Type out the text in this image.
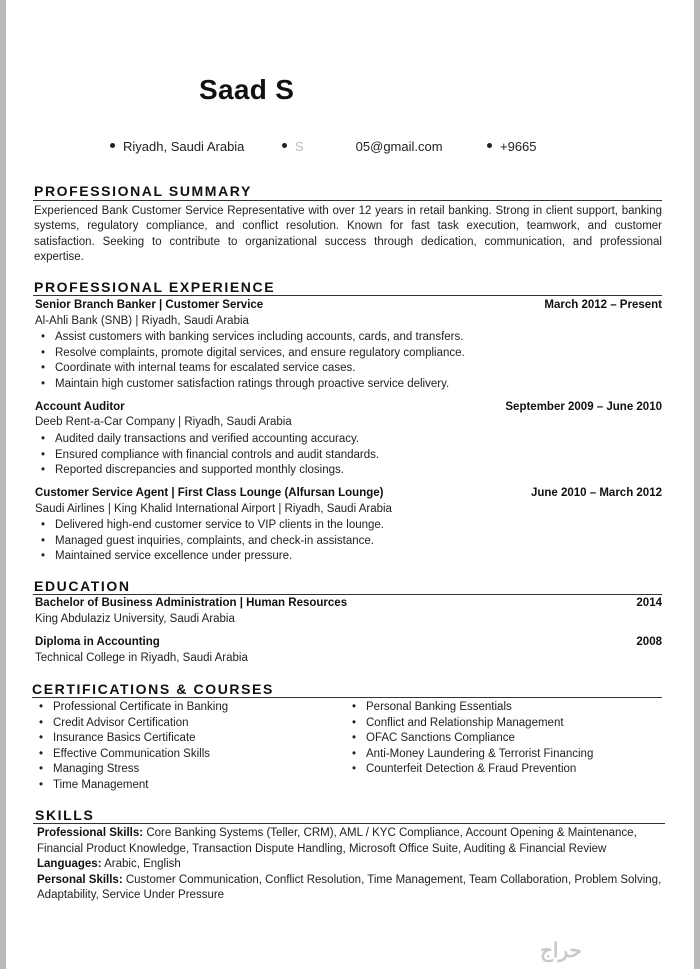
Saad S
Riyadh, Saudi Arabia	S	05@gmail.com	+9665
PROFESSIONAL SUMMARY
Experienced Bank Customer Service Representative with over 12 years in retail banking. Strong in client support, banking systems, regulatory compliance, and conflict resolution. Known for fast task execution, teamwork, and customer satisfaction. Seeking to contribute to organizational success through dedication, communication, and professional expertise.
PROFESSIONAL EXPERIENCE
Senior Branch Banker | Customer Service	March 2012 – Present
Al-Ahli Bank (SNB) | Riyadh, Saudi Arabia
• Assist customers with banking services including accounts, cards, and transfers.
• Resolve complaints, promote digital services, and ensure regulatory compliance.
• Coordinate with internal teams for escalated service cases.
• Maintain high customer satisfaction ratings through proactive service delivery.
Account Auditor	September 2009 – June 2010
Deeb Rent-a-Car Company | Riyadh, Saudi Arabia
• Audited daily transactions and verified accounting accuracy.
• Ensured compliance with financial controls and audit standards.
• Reported discrepancies and supported monthly closings.
Customer Service Agent | First Class Lounge (Alfursan Lounge)	June 2010 – March 2012
Saudi Airlines | King Khalid International Airport | Riyadh, Saudi Arabia
• Delivered high-end customer service to VIP clients in the lounge.
• Managed guest inquiries, complaints, and check-in assistance.
• Maintained service excellence under pressure.
EDUCATION
Bachelor of Business Administration | Human Resources	2014
King Abdulaziz University, Saudi Arabia
Diploma in Accounting	2008
Technical College in Riyadh, Saudi Arabia
CERTIFICATIONS & COURSES
• Professional Certificate in Banking
• Credit Advisor Certification
• Insurance Basics Certificate
• Effective Communication Skills
• Managing Stress
• Time Management
• Personal Banking Essentials
• Conflict and Relationship Management
• OFAC Sanctions Compliance
• Anti-Money Laundering & Terrorist Financing
• Counterfeit Detection & Fraud Prevention
SKILLS
Professional Skills: Core Banking Systems (Teller, CRM), AML / KYC Compliance, Account Opening & Maintenance, Financial Product Knowledge, Transaction Dispute Handling, Microsoft Office Suite, Auditing & Financial Review
Languages: Arabic, English
Personal Skills: Customer Communication, Conflict Resolution, Time Management, Team Collaboration, Problem Solving, Adaptability, Service Under Pressure
حراج
